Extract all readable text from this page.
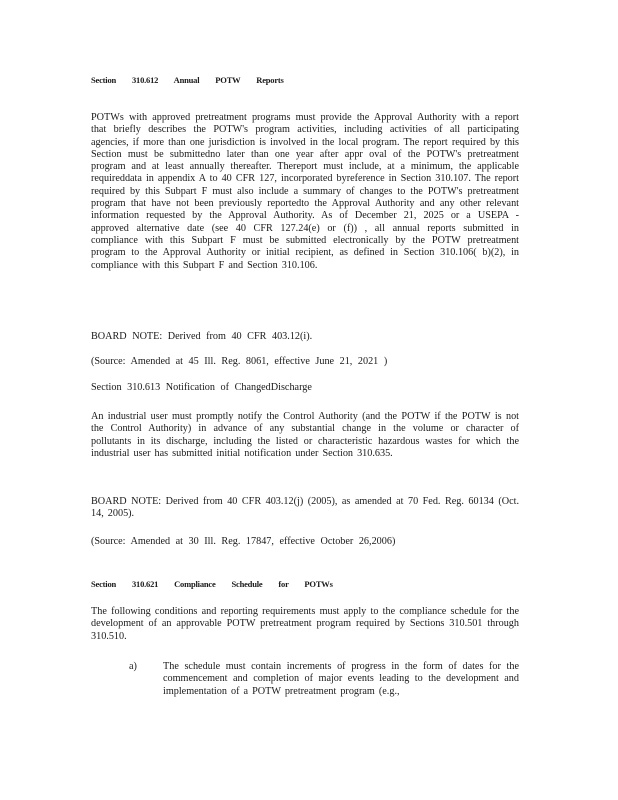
Section 310.612 Annual POTW Reports
POTWs with approved pretreatment programs must provide the Approval Authority with a report that briefly describes the POTW's program activities, including activities of all participating agencies, if more than one jurisdiction is involved in the local program. The report required by this Section must be submittedno later than one year after appr oval of the POTW's pretreatment program and at least annually thereafter. Thereport must include, at a minimum, the applicable requireddata in appendix A to 40 CFR 127, incorporated byreference in Section 310.107. The report required by this Subpart F must also include a summary of changes to the POTW's pretreatment program that have not been previously reportedto the Approval Authority and any other relevant information requested by the Approval Authority. As of December 21, 2025 or a USEPA - approved alternative date (see 40 CFR 127.24(e) or (f)) , all annual reports submitted in compliance with this Subpart F must be submitted electronically by the POTW pretreatment program to the Approval Authority or initial recipient, as defined in Section 310.106( b)(2), in compliance with this Subpart F and Section 310.106.
BOARD NOTE: Derived from 40 CFR 403.12(i).
(Source: Amended at 45 Ill. Reg. 8061, effective June 21, 2021 )
Section 310.613 Notification of ChangedDischarge
An industrial user must promptly notify the Control Authority (and the POTW if the POTW is not the Control Authority) in advance of any substantial change in the volume or character of pollutants in its discharge, including the listed or characteristic hazardous wastes for which the industrial user has submitted initial notification under Section 310.635.
BOARD NOTE: Derived from 40 CFR 403.12(j) (2005), as amended at 70 Fed. Reg. 60134 (Oct. 14, 2005).
(Source: Amended at 30 Ill. Reg. 17847, effective October 26,2006)
Section 310.621 Compliance Schedule for POTWs
The following conditions and reporting requirements must apply to the compliance schedule for the development of an approvable POTW pretreatment program required by Sections 310.501 through 310.510.
a)	The schedule must contain increments of progress in the form of dates for the commencement and completion of major events leading to the development and implementation of a POTW pretreatment program (e.g.,
